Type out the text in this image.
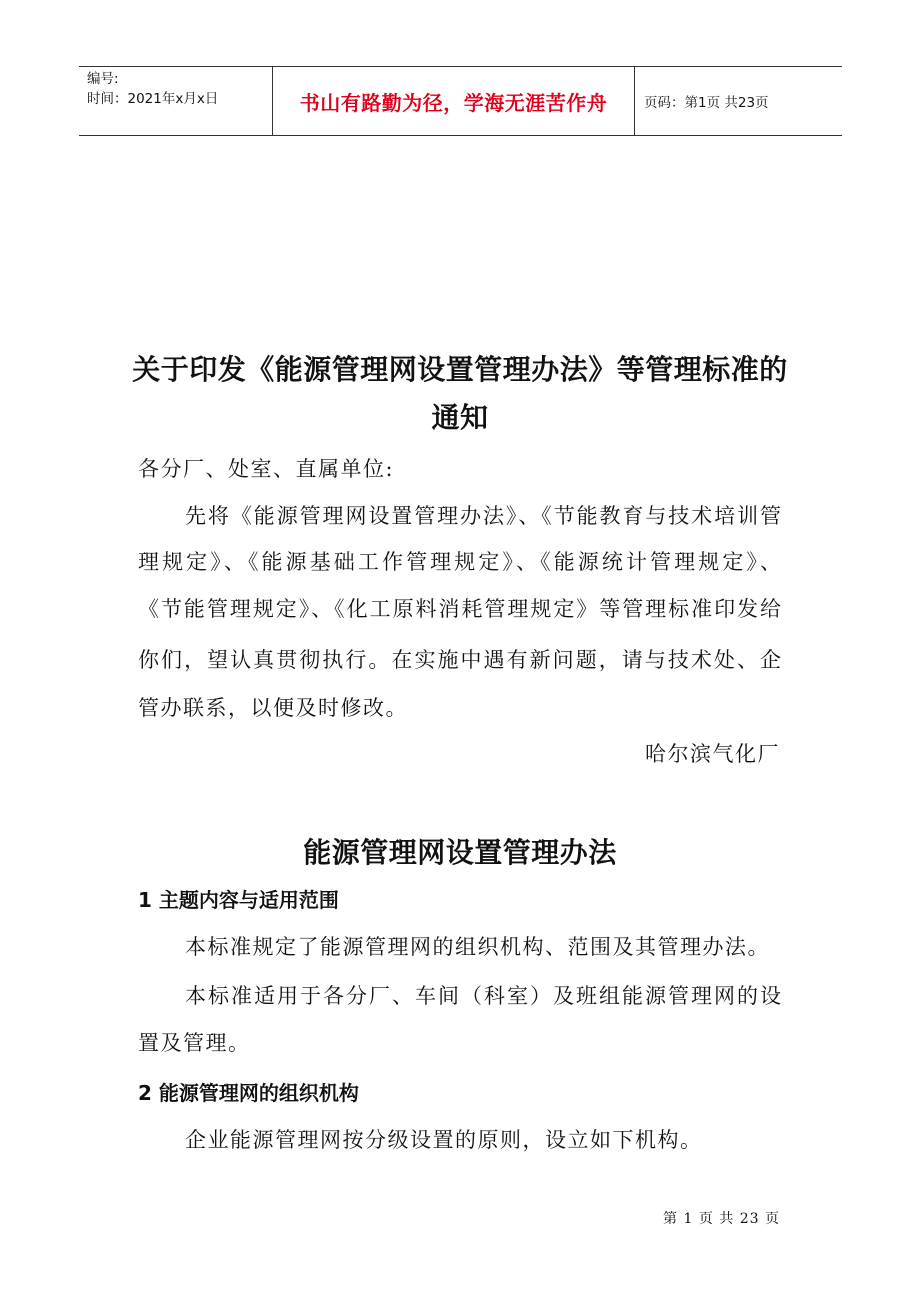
编号:
时间：2021年x月x日	书山有路勤为径，学海无涯苦作舟	页码：第1页 共23页
关于印发《能源管理网设置管理办法》等管理标准的
通知
各分厂、处室、直属单位:
先将《能源管理网设置管理办法》、《节能教育与技术培训管
理规定》、《能源基础工作管理规定》、《能源统计管理规定》、
《节能管理规定》、《化工原料消耗管理规定》等管理标准印发给
你们，望认真贯彻执行。在实施中遇有新问题，请与技术处、企
管办联系，以便及时修改。
哈尔滨气化厂
能源管理网设置管理办法
1 主题内容与适用范围
本标准规定了能源管理网的组织机构、范围及其管理办法。
本标准适用于各分厂、车间（科室）及班组能源管理网的设
置及管理。
2 能源管理网的组织机构
企业能源管理网按分级设置的原则，设立如下机构。
第 1 页 共 23 页
